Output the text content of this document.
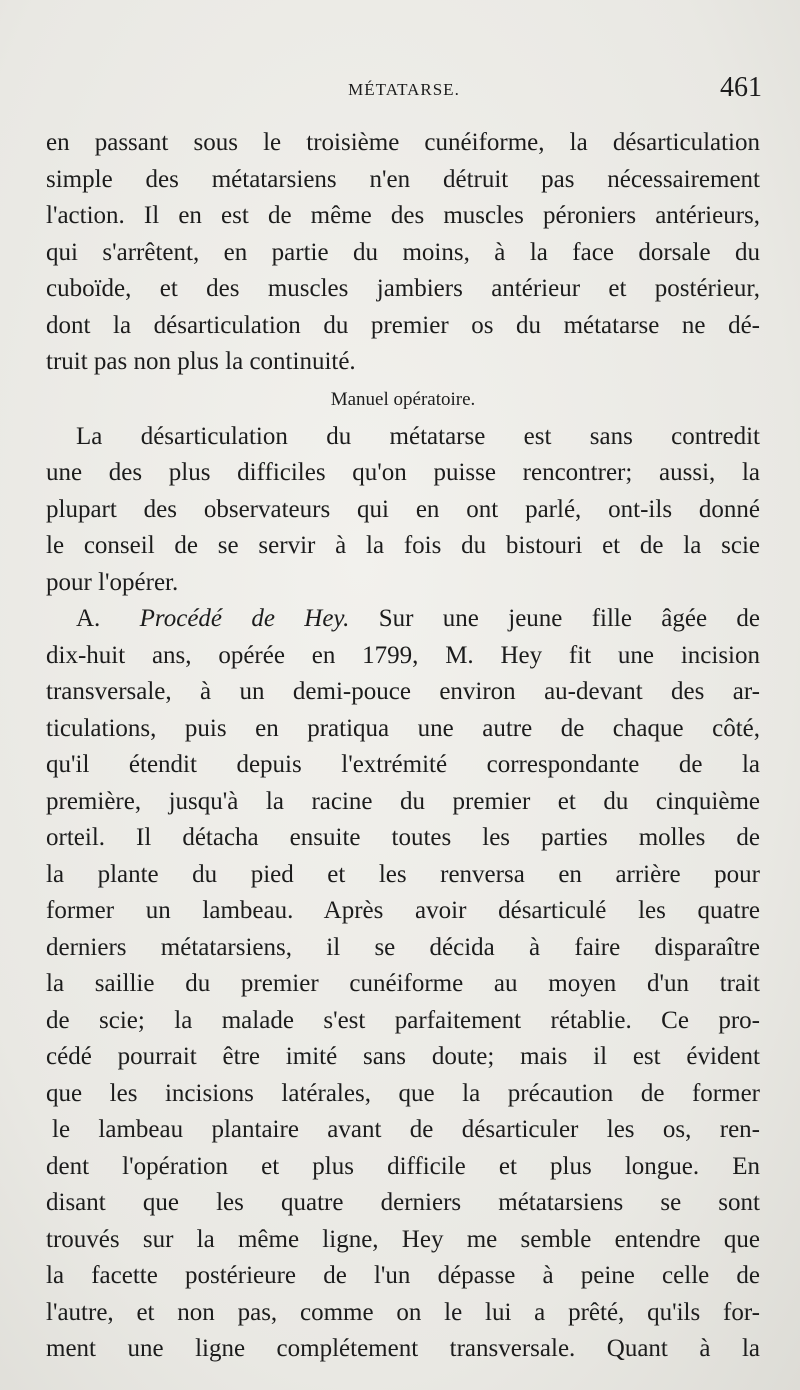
MÉTATARSE.	461
en passant sous le troisième cunéiforme, la désarticulation
simple des métatarsiens n'en détruit pas nécessairement
l'action. Il en est de même des muscles péroniers antérieurs,
qui s'arrêtent, en partie du moins, à la face dorsale du
cuboïde, et des muscles jambiers antérieur et postérieur,
dont la désarticulation du premier os du métatarse ne dé-
truit pas non plus la continuité.
Manuel opératoire.
La désarticulation du métatarse est sans contredit
une des plus difficiles qu'on puisse rencontrer; aussi, la
plupart des observateurs qui en ont parlé, ont-ils donné
le conseil de se servir à la fois du bistouri et de la scie
pour l'opérer.
A. Procédé de Hey. Sur une jeune fille âgée de
dix-huit ans, opérée en 1799, M. Hey fit une incision
transversale, à un demi-pouce environ au-devant des ar-
ticulations, puis en pratiqua une autre de chaque côté,
qu'il étendit depuis l'extrémité correspondante de la
première, jusqu'à la racine du premier et du cinquième
orteil. Il détacha ensuite toutes les parties molles de
la plante du pied et les renversa en arrière pour
former un lambeau. Après avoir désarticulé les quatre
derniers métatarsiens, il se décida à faire disparaître
la saillie du premier cunéiforme au moyen d'un trait
de scie; la malade s'est parfaitement rétablie. Ce pro-
cédé pourrait être imité sans doute; mais il est évident
que les incisions latérales, que la précaution de former
le lambeau plantaire avant de désarticuler les os, ren-
dent l'opération et plus difficile et plus longue. En
disant que les quatre derniers métatarsiens se sont
trouvés sur la même ligne, Hey me semble entendre que
la facette postérieure de l'un dépasse à peine celle de
l'autre, et non pas, comme on le lui a prêté, qu'ils for-
ment une ligne complétement transversale. Quant à la
